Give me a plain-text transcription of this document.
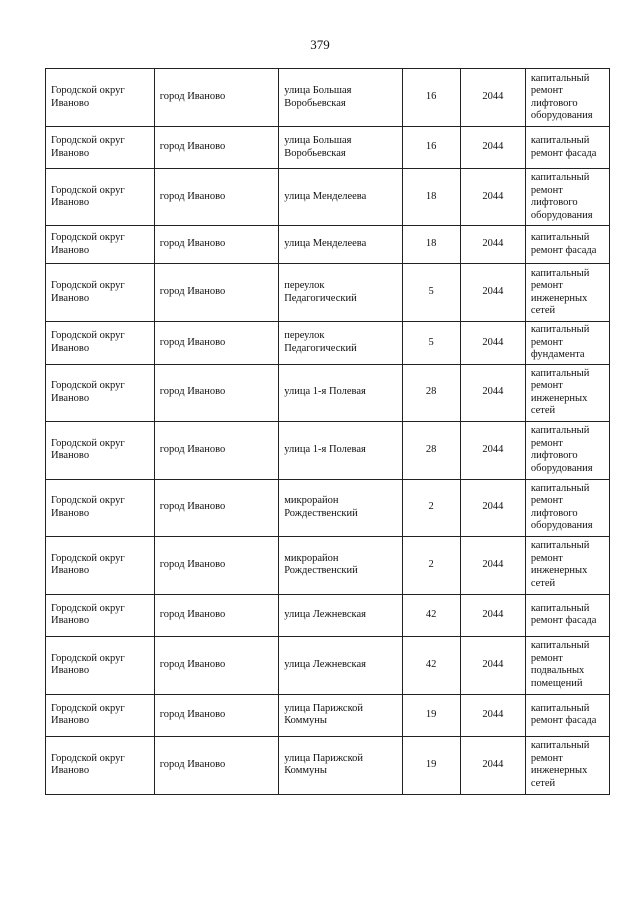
379
Городской округ Иваново	город Иваново	улица Большая Воробьевская	16	2044	капитальный ремонт лифтового оборудования
Городской округ Иваново	город Иваново	улица Большая Воробьевская	16	2044	капитальный ремонт фасада
Городской округ Иваново	город Иваново	улица Менделеева	18	2044	капитальный ремонт лифтового оборудования
Городской округ Иваново	город Иваново	улица Менделеева	18	2044	капитальный ремонт фасада
Городской округ Иваново	город Иваново	переулок Педагогический	5	2044	капитальный ремонт инженерных сетей
Городской округ Иваново	город Иваново	переулок Педагогический	5	2044	капитальный ремонт фундамента
Городской округ Иваново	город Иваново	улица 1-я Полевая	28	2044	капитальный ремонт инженерных сетей
Городской округ Иваново	город Иваново	улица 1-я Полевая	28	2044	капитальный ремонт лифтового оборудования
Городской округ Иваново	город Иваново	микрорайон Рождественский	2	2044	капитальный ремонт лифтового оборудования
Городской округ Иваново	город Иваново	микрорайон Рождественский	2	2044	капитальный ремонт инженерных сетей
Городской округ Иваново	город Иваново	улица Лежневская	42	2044	капитальный ремонт фасада
Городской округ Иваново	город Иваново	улица Лежневская	42	2044	капитальный ремонт подвальных помещений
Городской округ Иваново	город Иваново	улица Парижской Коммуны	19	2044	капитальный ремонт фасада
Городской округ Иваново	город Иваново	улица Парижской Коммуны	19	2044	капитальный ремонт инженерных сетей
